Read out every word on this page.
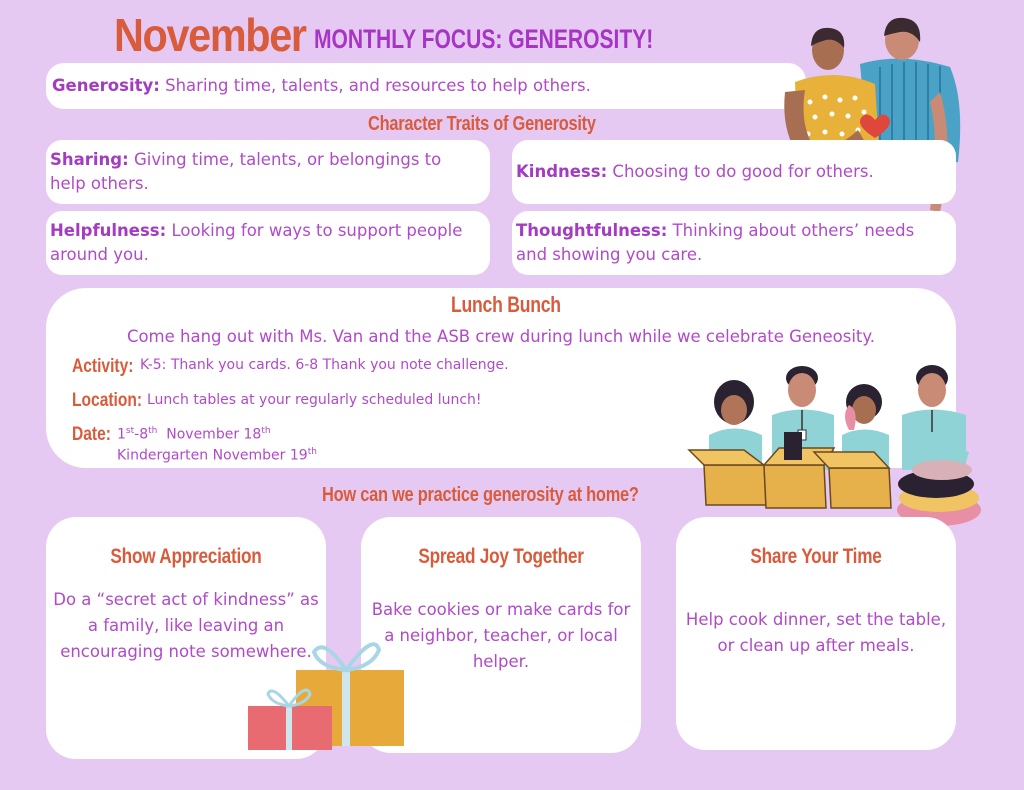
November MONTHLY FOCUS: GENEROSITY!
Generosity: Sharing time, talents, and resources to help others.
Character Traits of Generosity
Sharing: Giving time, talents, or belongings to help others.
Kindness: Choosing to do good for others.
Helpfulness: Looking for ways to support people around you.
Thoughtfulness: Thinking about others’ needs and showing you care.
Lunch Bunch
Come hang out with Ms. Van and the ASB crew during lunch while we celebrate Geneosity.
Activity: K-5: Thank you cards. 6-8 Thank you note challenge.
Location: Lunch tables at your regularly scheduled lunch!
Date: 1st-8th  November 18th
Kindergarten November 19th
How can we practice generosity at home?
Show Appreciation
Do a “secret act of kindness” as a family, like leaving an encouraging note somewhere.
Spread Joy Together
Bake cookies or make cards for a neighbor, teacher, or local helper.
Share Your Time
Help cook dinner, set the table, or clean up after meals.
